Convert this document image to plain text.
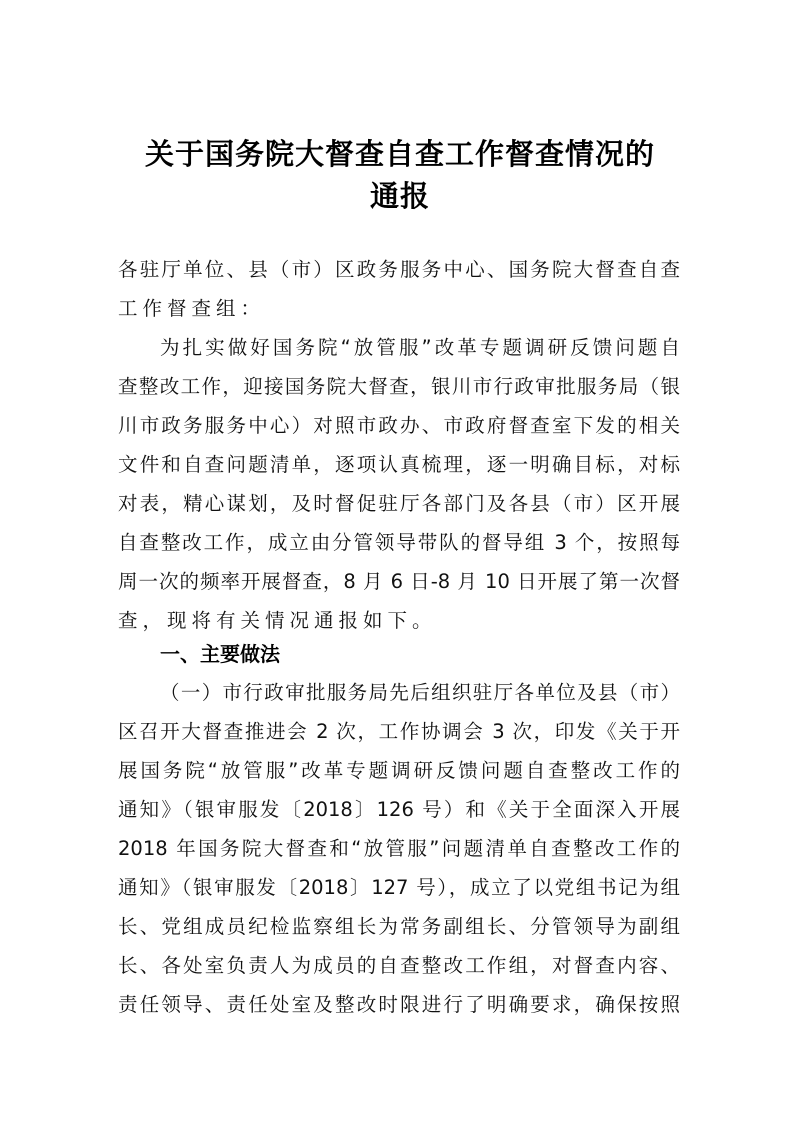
关于国务院大督查自查工作督查情况的
通报
各驻厅单位、县（市）区政务服务中心、国务院大督查自查
工作督查组：
为扎实做好国务院“放管服”改革专题调研反馈问题自
查整改工作，迎接国务院大督查，银川市行政审批服务局（银
川市政务服务中心）对照市政办、市政府督查室下发的相关
文件和自查问题清单，逐项认真梳理，逐一明确目标，对标
对表，精心谋划，及时督促驻厅各部门及各县（市）区开展
自查整改工作，成立由分管领导带队的督导组 3 个，按照每
周一次的频率开展督查，8 月 6 日-8 月 10 日开展了第一次督
查，现将有关情况通报如下。
一、主要做法
（一）市行政审批服务局先后组织驻厅各单位及县（市）
区召开大督查推进会 2 次，工作协调会 3 次，印发《关于开
展国务院“放管服”改革专题调研反馈问题自查整改工作的
通知》（银审服发〔2018〕126 号）和《关于全面深入开展
2018 年国务院大督查和“放管服”问题清单自查整改工作的
通知》（银审服发〔2018〕127 号），成立了以党组书记为组
长、党组成员纪检监察组长为常务副组长、分管领导为副组
长、各处室负责人为成员的自查整改工作组，对督查内容、
责任领导、责任处室及整改时限进行了明确要求，确保按照
